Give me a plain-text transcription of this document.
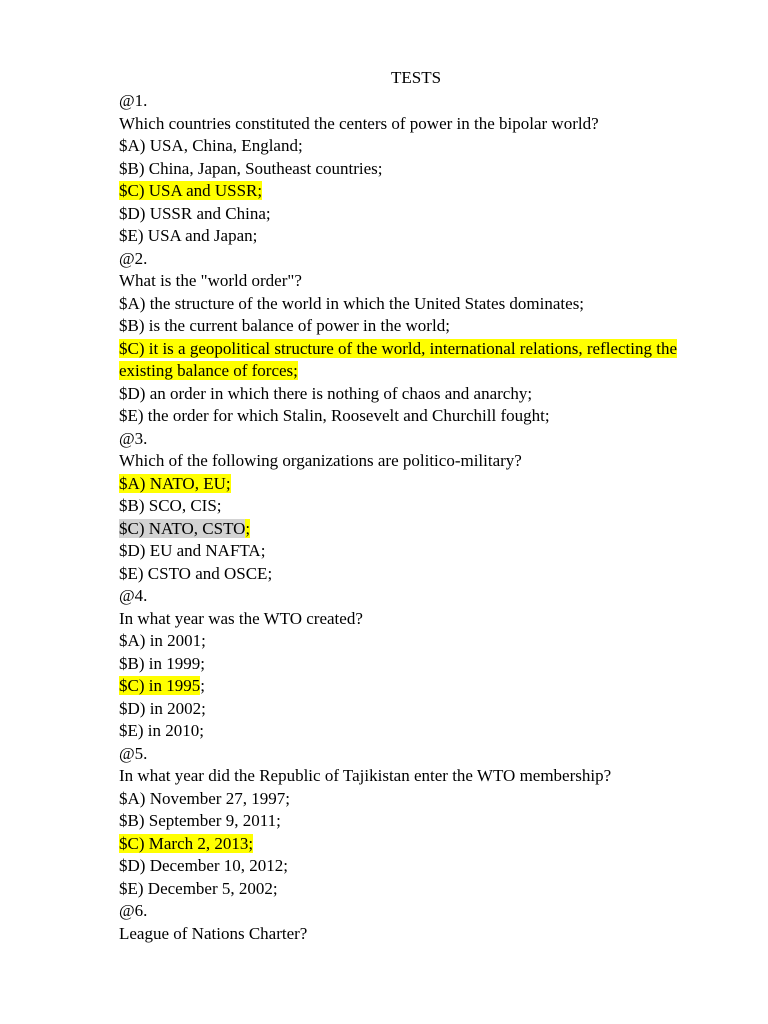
TESTS
@1.
Which countries constituted the centers of power in the bipolar world?
$A) USA, China, England;
$B) China, Japan, Southeast countries;
$C) USA and USSR;
$D) USSR and China;
$E) USA and Japan;
@2.
What is the "world order"?
$A) the structure of the world in which the United States dominates;
$B) is the current balance of power in the world;
$C) it is a geopolitical structure of the world, international relations, reflecting the
existing balance of forces;
$D) an order in which there is nothing of chaos and anarchy;
$E) the order for which Stalin, Roosevelt and Churchill fought;
@3.
Which of the following organizations are politico-military?
$A) NATO, EU;
$B) SCO, CIS;
$C) NATO, CSTO;
$D) EU and NAFTA;
$E) CSTO and OSCE;
@4.
In what year was the WTO created?
$A) in 2001;
$B) in 1999;
$C) in 1995;
$D) in 2002;
$E) in 2010;
@5.
In what year did the Republic of Tajikistan enter the WTO membership?
$A) November 27, 1997;
$B) September 9, 2011;
$C) March 2, 2013;
$D) December 10, 2012;
$E) December 5, 2002;
@6.
League of Nations Charter?
